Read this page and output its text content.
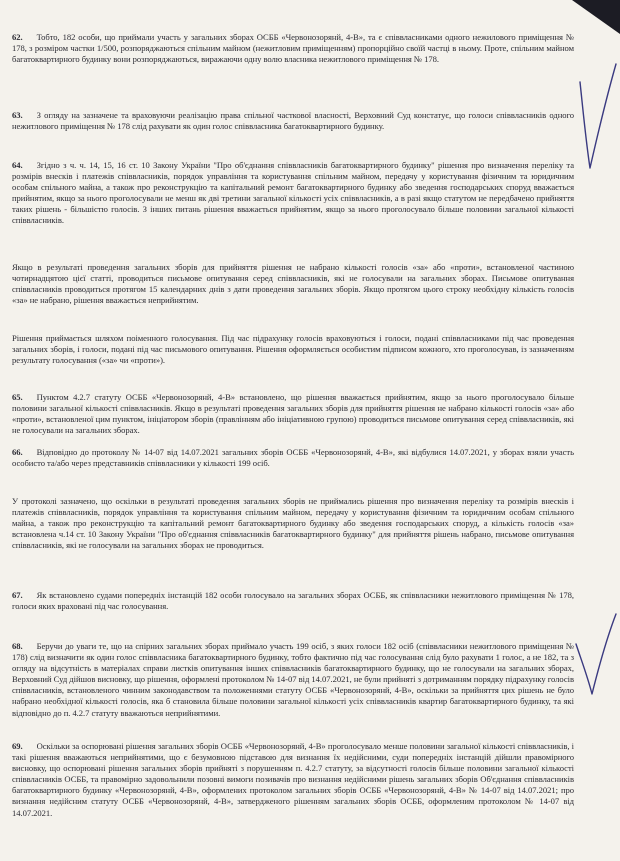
62. Тобто, 182 особи, що приймали участь у загальних зборах ОСББ «Червонозорянй, 4-В», та є співвласниками одного нежилового приміщення № 178, з розміром частки 1/500, розпоряджаються спільним майном (нежитловим приміщенням) пропорційно своїй частці в ньому. Проте, спільним майном багатоквартирного будинку вони розпоряджаються, виражаючи одну волю власника нежитлового приміщення № 178.

63. З огляду на зазначене та враховуючи реалізацію права спільної часткової власності, Верховний Суд констатує, що голоси співвласників одного нежитлового приміщення № 178 слід рахувати як один голос співвласника багатоквартирного будинку.

64. Згідно з ч. ч. 14, 15, 16 ст. 10 Закону України "Про об'єднання співвласників багатоквартирного будинку" рішення про визначення переліку та розмірів внесків і платежів співвласників, порядок управління та користування спільним майном, передачу у користування фізичним та юридичним особам спільного майна, а також про реконструкцію та капітальний ремонт багатоквартирного будинку або зведення господарських споруд вважається прийнятим, якщо за нього проголосували не менш як дві третини загальної кількості усіх співвласників, а в разі якщо статутом не передбачено прийняття таких рішень - більшістю голосів. З інших питань рішення вважається прийнятим, якщо за нього проголосувало більше половини загальної кількості співвласників.

Якщо в результаті проведення загальних зборів для прийняття рішення не набрано кількості голосів «за» або «проти», встановленої частиною чотирнадцятою цієї статті, проводиться письмове опитування серед співвласників, які не голосували на загальних зборах. Письмове опитування співвласників проводиться протягом 15 календарних днів з дати проведення загальних зборів. Якщо протягом цього строку необхідну кількість голосів «за» не набрано, рішення вважається неприйнятим.

Рішення приймається шляхом поіменного голосування. Під час підрахунку голосів враховуються і голоси, подані співвласниками під час проведення загальних зборів, і голоси, подані під час письмового опитування. Рішення оформляється особистим підписом кожного, хто проголосував, із зазначенням результату голосування («за» чи «проти»).

65. Пунктом 4.2.7 статуту ОСББ «Червонозорянй, 4-В» встановлено, що рішення вважається прийнятим, якщо за нього проголосувало більше половини загальної кількості співвласників. Якщо в результаті проведення загальних зборів для прийняття рішення не набрано кількості голосів «за» або «проти», встановленої цим пунктом, ініціатором зборів (правлінням або ініціативною групою) проводиться письмове опитування серед співвласників, які не голосували на загальних зборах.

66. Відповідно до протоколу № 14-07 від 14.07.2021 загальних зборів ОСББ «Червонозорянй, 4-В», які відбулися 14.07.2021, у зборах взяли участь особисто та/або через представників співвласники у кількості 199 осіб.

У протоколі зазначено, що оскільки в результаті проведення загальних зборів не приймались рішення про визначення переліку та розмірів внесків і платежів співвласників, порядок управління та користування спільним майном, передачу у користування фізичним та юридичним особам спільного майна, а також про реконструкцію та капітальний ремонт багатоквартирного будинку або зведення господарських споруд, а кількість голосів «за» встановлена ч.14 ст. 10 Закону України "Про об'єднання співвласників багатоквартирного будинку" для прийняття рішень набрано, письмове опитування співвласників, які не голосували на загальних зборах не проводиться.

67. Як встановлено судами попередніх інстанцій 182 особи голосувало на загальних зборах ОСББ, як співвласники нежитлового приміщення № 178, голоси яких враховані під час голосування.

68. Беручи до уваги те, що на спірних загальних зборах приймало участь 199 осіб, з яких голоси 182 осіб (співвласники нежитлового приміщення № 178) слід визначити як один голос співвласника багатоквартирного будинку, тобто фактично під час голосування слід було рахувати 1 голос, а не 182, та з огляду на відсутність в матеріалах справи листків опитування інших співвласників багатоквартирного будинку, що не голосували на загальних зборах, Верховний Суд дійшов висновку, що рішення, оформлені протоколом № 14-07 від 14.07.2021, не були прийняті з дотриманням порядку підрахунку голосів співвласників, встановленого чинним законодавством та положеннями статуту ОСББ «Червонозорянй, 4-В», оскільки за прийняття цих рішень не було набрано необхідної кількості голосів, яка б становила більше половини загальної кількості усіх співвласників квартир багатоквартирного будинку, та які відповідно до п. 4.2.7 статуту вважаються неприйнятими.

69. Оскільки за оспорювані рішення загальних зборів ОСББ «Червонозорянй, 4-В» проголосувало менше половини загальної кількості співвласників, і такі рішення вважаються неприйнятими, що є безумовною підставою для визнання їх недійсними, суди попередніх інстанцій дійшли правомірного висновку, що оспорювані рішення загальних зборів прийняті з порушенням п. 4.2.7 статуту, за відсутності голосів більше половини загальної кількості співвласників ОСББ, та правомірно задовольнили позовні вимоги позивачів про визнання недійсними рішень загальних зборів Об'єднання співвласників багатоквартирного будинку «Червонозорянй, 4-В», оформлених протоколом загальних зборів ОСББ «Червонозорянй, 4-В» № 14-07 від 14.07.2021; про визнання недійсним статуту ОСББ «Червонозорянй, 4-В», затвердженого рішенням загальних зборів ОСББ, оформленим протоколом № 14-07 від 14.07.2021.
